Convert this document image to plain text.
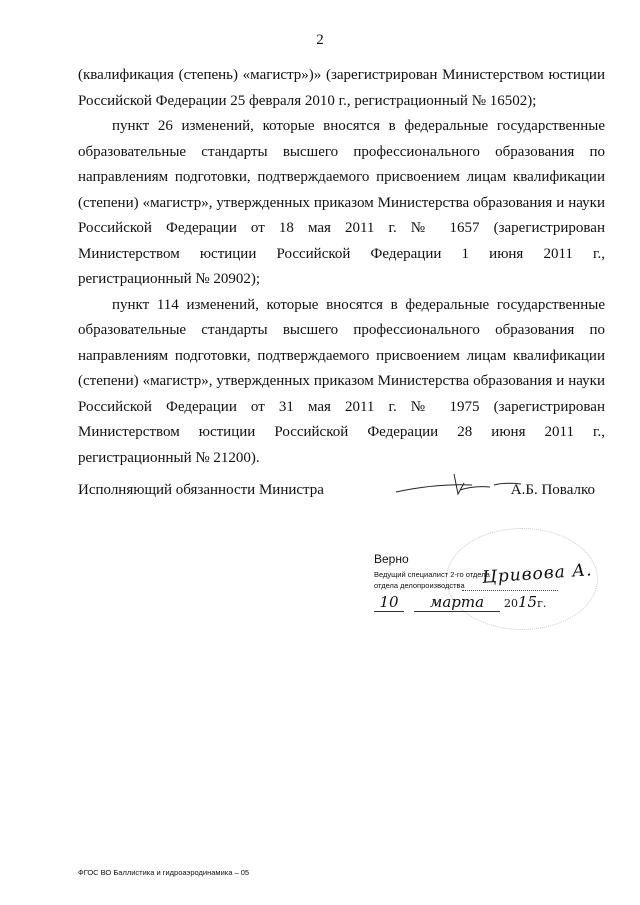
2

(квалификация (степень) «магистр»)» (зарегистрирован Министерством юстиции Российской Федерации 25 февраля 2010 г., регистрационный № 16502);

пункт 26 изменений, которые вносятся в федеральные государственные образовательные стандарты высшего профессионального образования по направлениям подготовки, подтверждаемого присвоением лицам квалификации (степени) «магистр», утвержденных приказом Министерства образования и науки Российской Федерации от 18 мая 2011 г. № 1657 (зарегистрирован Министерством юстиции Российской Федерации 1 июня 2011 г., регистрационный № 20902);

пункт 114 изменений, которые вносятся в федеральные государственные образовательные стандарты высшего профессионального образования по направлениям подготовки, подтверждаемого присвоением лицам квалификации (степени) «магистр», утвержденных приказом Министерства образования и науки Российской Федерации от 31 мая 2011 г. № 1975 (зарегистрирован Министерством юстиции Российской Федерации 28 июня 2011 г., регистрационный № 21200).

Исполняющий обязанности Министра	А.Б. Повалко
Верно
Ведущий специалист 2-го отдела
отдела делопроизводства Цривова А.
10 марта 2015г.
ФГОС ВО Баллистика и гидроаэродинамика – 05
